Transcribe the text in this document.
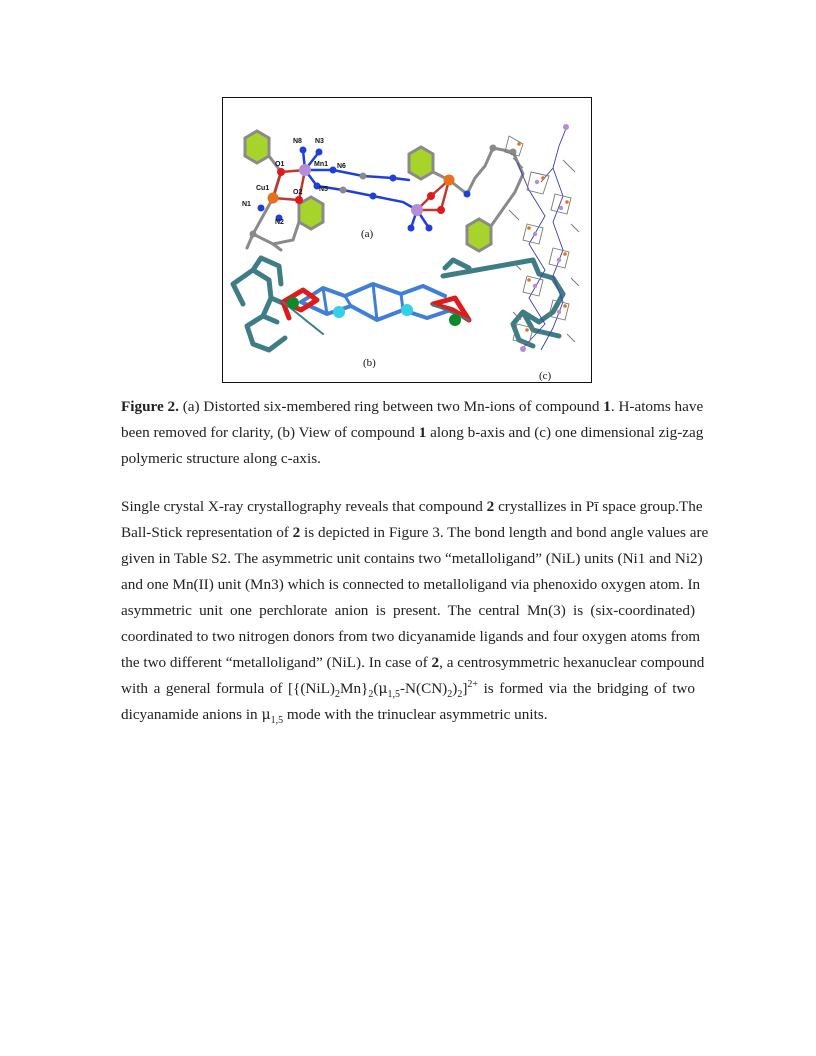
N8 N3
O1	Mn1 N6
Cu1
O2 N5
N1
N2
(a)
(b)
(c)

Figure 2. (a) Distorted six-membered ring between two Mn-ions of compound 1. H-atoms have
been removed for clarity, (b) View of compound 1 along b-axis and (c) one dimensional zig-zag
polymeric structure along c-axis.

Single crystal X-ray crystallography reveals that compound 2 crystallizes in Pī space group.The
Ball-Stick representation of 2 is depicted in Figure 3. The bond length and bond angle values are
given in Table S2. The asymmetric unit contains two “metalloligand” (NiL) units (Ni1 and Ni2)
and one Mn(II) unit (Mn3) which is connected to metalloligand via phenoxido oxygen atom. In
asymmetric unit one perchlorate anion is present. The central Mn(3) is (six-coordinated)
coordinated to two nitrogen donors from two dicyanamide ligands and four oxygen atoms from
the two different “metalloligand” (NiL). In case of 2, a centrosymmetric hexanuclear compound
with a general formula of $[\{(NiL)_2Mn\}_2(\mu_{1,5}-N(CN)_2)_2]^{2+}$ is formed via the bridging of two
dicyanamide anions in $\mu_{1,5}$ mode with the trinuclear asymmetric units.
